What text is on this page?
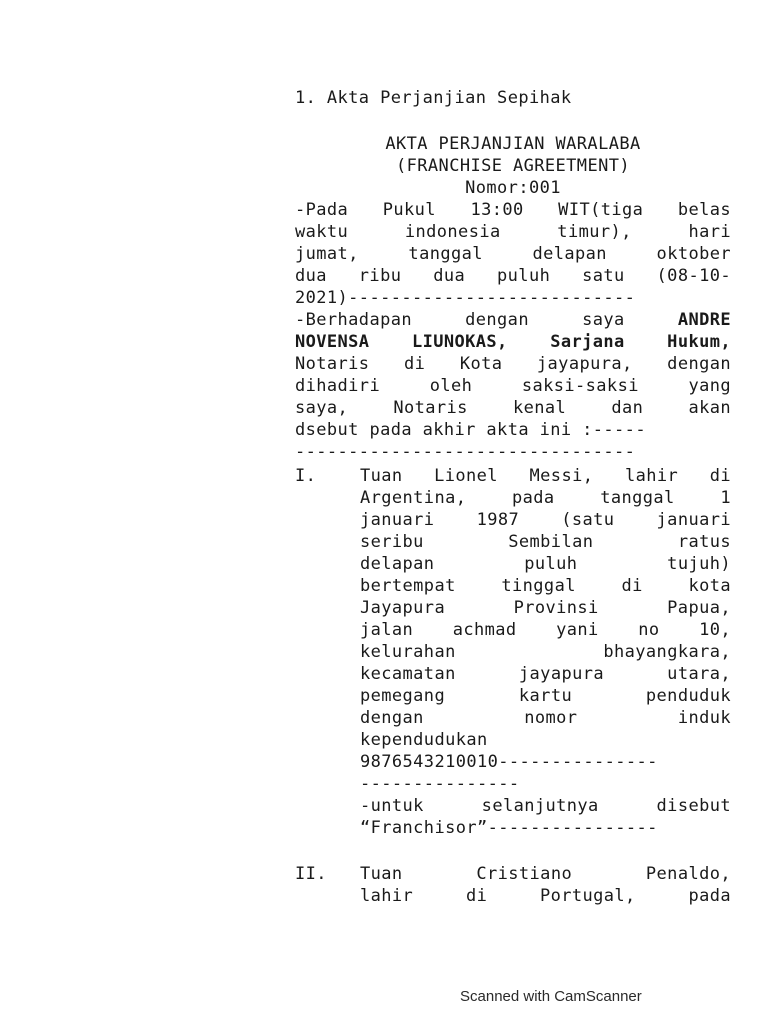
1. Akta Perjanjian Sepihak
AKTA PERJANJIAN WARALABA
(FRANCHISE AGREETMENT)
Nomor:001
-Pada Pukul 13:00 WIT(tiga belas
waktu indonesia timur), hari
jumat, tanggal delapan oktober
dua ribu dua puluh satu (08-10-
2021)---------------------------
-Berhadapan dengan saya	ANDRE
NOVENSA LIUNOKAS, Sarjana Hukum,
Notaris di Kota jayapura, dengan
dihadiri oleh saksi-saksi yang
saya, Notaris kenal dan akan
dsebut pada akhir akta ini :-----
--------------------------------
I.	Tuan Lionel Messi, lahir di
Argentina, pada tanggal 1
januari 1987 (satu januari
seribu Sembilan ratus
delapan puluh tujuh)
bertempat tinggal di kota
Jayapura Provinsi Papua,
jalan achmad yani no 10,
kelurahan bhayangkara,
kecamatan jayapura utara,
pemegang kartu penduduk
dengan nomor induk
kependudukan
9876543210010---------------
---------------
-untuk selanjutnya disebut
“Franchisor”----------------
II. Tuan Cristiano Penaldo,
lahir di Portugal, pada
Scanned with CamScanner
